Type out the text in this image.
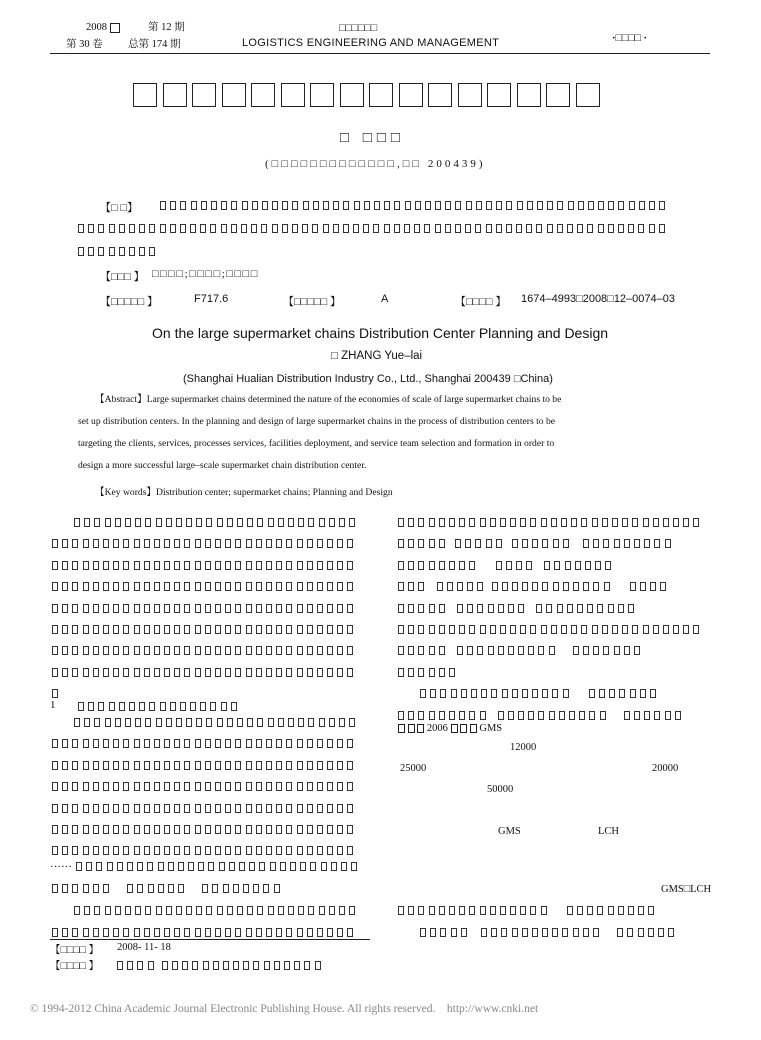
2008	第 12 期
第 30 卷 总第 174 期
□□□□□□
LOGISTICS ENGINEERING AND MANAGEMENT	·□□□□ ·
□ □□□
(□□□□□□□□□□□□□,□□ 200439)
【□ □】
【□□□ 】 □□□□;□□□□;□□□□
【□□□□□ 】	F717.6	【□□□□□ 】	A	【□□□□ 】 1674–4993□2008□12–0074–03
On the large supermarket chains Distribution Center Planning and Design
□ ZHANG Yue–lai
(Shanghai Hualian Distribution Industry Co., Ltd., Shanghai 200439 □China)
【Abstract】Large supermarket chains determined the nature of the economies of scale of large supermarket chains to be
set up distribution centers. In the planning and design of large supermarket chains in the process of distribution centers to be
targeting the clients, services, processes services, facilities deployment, and service team selection and formation in order to
design a more successful large–scale supermarket chain distribution center.
【Key words】Distribution center; supermarket chains; Planning and Design
1
……
【□□□□ 】 2008- 11- 18
【□□□□ 】
2006	GMS
12000
25000	20000
50000
GMS	LCH
GMS□LCH
© 1994-2012 China Academic Journal Electronic Publishing House. All rights reserved.    http://www.cnki.net
